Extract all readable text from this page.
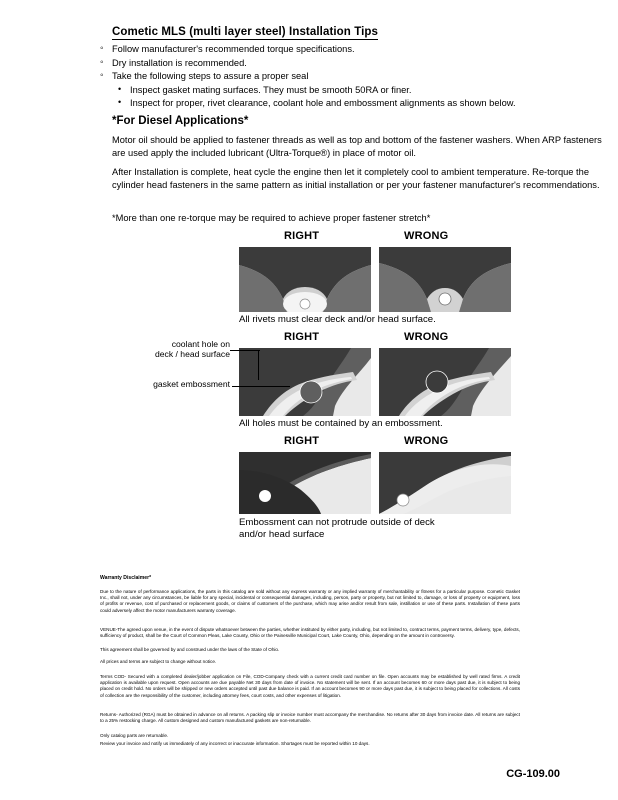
Cometic MLS (multi layer steel) Installation Tips
◦ Follow manufacturer's recommended torque specifications.
◦ Dry installation is recommended.
◦ Take the following steps to assure a proper seal
• Inspect gasket mating surfaces. They must be smooth 50RA or finer.
• Inspect for proper, rivet clearance, coolant hole and embossment alignments as shown below.
*For Diesel Applications*
Motor oil should be applied to fastener threads as well as top and bottom of the fastener washers. When ARP fasteners are used apply the included lubricant (Ultra-Torque®) in place of motor oil.
After Installation is complete, heat cycle the engine then let it completely cool to ambient temperature. Re-torque the cylinder head fasteners in the same pattern as initial installation or per your fastener manufacturer's recommendations.
*More than one re-torque may be required to achieve proper fastener stretch*
RIGHT	WRONG
All rivets must clear deck and/or head surface.
RIGHT	WRONG
coolant hole on
deck / head surface
gasket embossment
All holes must be contained by an embossment.
RIGHT	WRONG
Embossment can not protrude outside of deck
and/or head surface
Warranty Disclaimer*
Due to the nature of performance applications, the parts in this catalog are sold without any express warranty or any implied warranty of merchantability or fitness for a particular purpose. Cometic Gasket Inc., shall not, under any circumstances, be liable for any special, incidental or consequential damages, including, person, party or property, but not limited to, damage, or loss of property or equipment, loss of profits or revenue, cost of purchased or replacement goods, or claims of customers of the purchase, which may arise and/or result from sale, instillation or use of these parts. Installation of these parts could adversely affect the motor manufacturers warranty coverage.
VENUE-The agreed upon venue, in the event of dispute whatsoever between the parties, whether instituted by either party, including, but not limited to, contract terms, payment terms, delivery, type, defects, sufficiency of product, shall be the Court of Common Pleas, Lake County, Ohio or the Painesville Municipal Court, Lake County, Ohio, depending on the amount in controversy.
This agreement shall be governed by and construed under the laws of the State of Ohio.
All prices and terms are subject to change without notice.
Terms COD- Secured with a completed dealer/jobber application on File, COD-Company check with a current credit card number on file. Open accounts may be established by well rated firms. A credit application is available upon request. Open accounts are due payable Net 30 days from date of invoice. No statement will be sent. If an account becomes 60 or more days past due, it is subject to being placed on credit hold. No orders will be shipped or new orders accepted until past due balance is paid. If an account becomes 90 or more days past due, it is subject to being placed for collections. All costs of collection are the responsibility of the customer, including attorney fees, court costs, and other expenses of litigation.
Returns- Authorized (RGA) must be obtained in advance on all returns. A packing slip or invoice number must accompany the merchandise. No returns after 30 days from invoice date. All returns are subject to a 25% restocking charge. All custom designed and custom manufactured gaskets are non-returnable.
Only catalog parts are returnable.
Review your invoice and notify us immediately of any incorrect or inaccurate information. Shortages must be reported within 10 days.
CG-109.00
